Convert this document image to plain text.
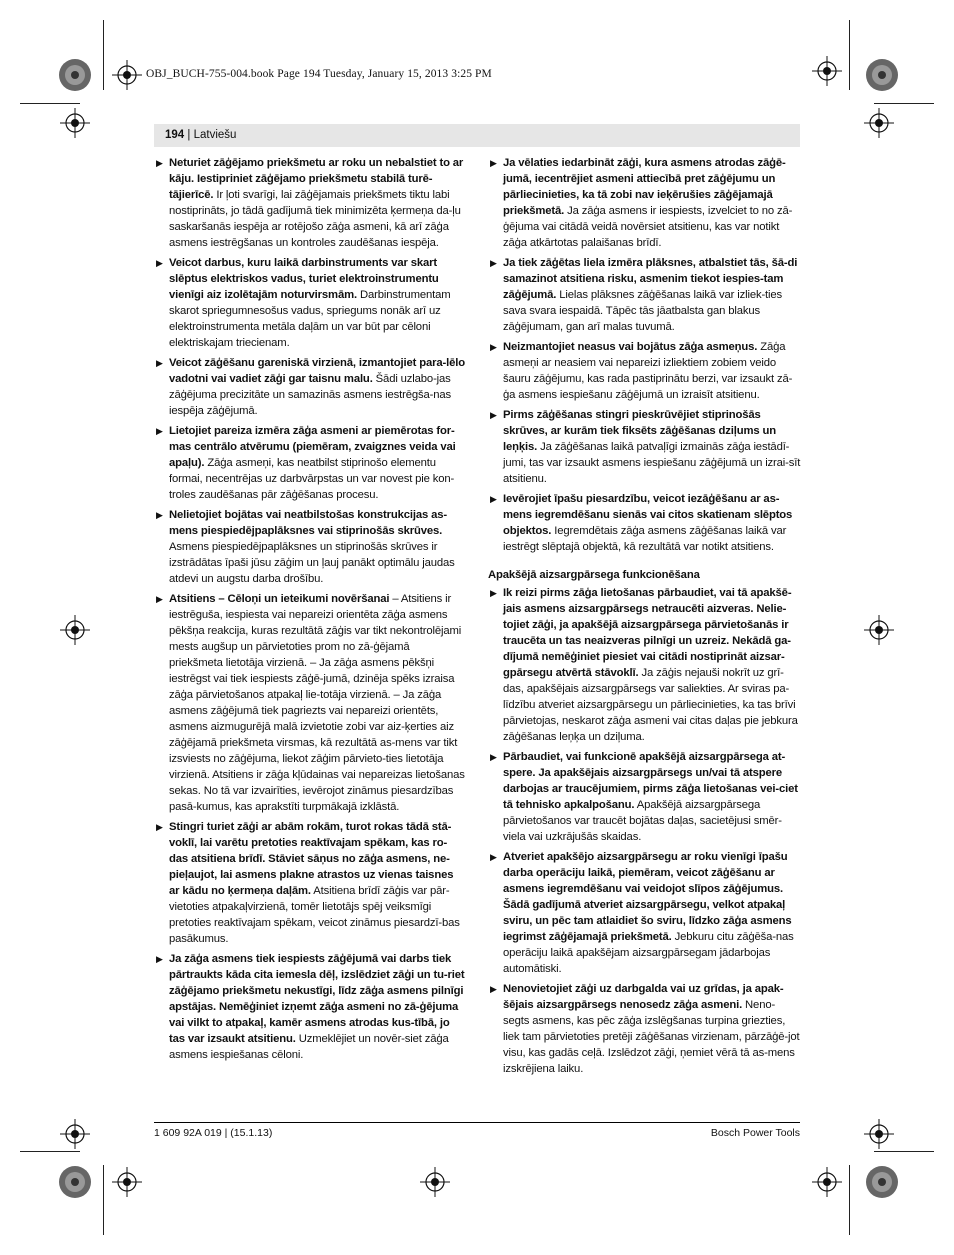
OBJ_BUCH-755-004.book Page 194 Tuesday, January 15, 2013 3:25 PM
194 | Latviešu
▶ Neturiet zāģējamo priekšmetu ar roku un nebalstiet to ar kāju. Iestipriniet zāģējamo priekšmetu stabilā turē-tājierīcē. Ir ļoti svarīgi, lai zāģējamais priekšmets tiktu labi nostiprināts, jo tādā gadījumā tiek minimizēta ķermeņa da-ļu saskaršanās iespēja ar rotējošo zāģa asmeni, kā arī zāģa asmens iestrēgšanas un kontroles zaudēšanas iespēja.
▶ Veicot darbus, kuru laikā darbinstruments var skart slēptus elektriskos vadus, turiet elektroinstrumentu vienīgi aiz izolētajām noturvirsmām. Darbinstrumentam skarot spriegumnesošus vadus, spriegums nonāk arī uz elektroinstrumenta metāla daļām un var būt par cēloni elektriskajam triecienam.
▶ Veicot zāģēšanu gareniskā virzienā, izmantojiet para-lēlo vadotni vai vadiet zāģi gar taisnu malu. Šādi uzlabo-jas zāģējuma precizitāte un samazinās asmens iestrēgša-nas iespēja zāģējumā.
▶ Lietojiet pareiza izmēra zāģa asmeni ar piemērotas for-mas centrālo atvērumu (piemēram, zvaigznes veida vai apaļu). Zāģa asmeņi, kas neatbilst stiprinošo elementu formai, necentrējas uz darbvārpstas un var novest pie kon-troles zaudēšanas pār zāģēšanas procesu.
▶ Nelietojiet bojātas vai neatbilstošas konstrukcijas as-mens piespiedējpaplāksnes vai stiprinošās skrūves. Asmens piespiedējpaplāksnes un stiprinošās skrūves ir izstrādātas īpaši jūsu zāģim un ļauj panākt optimālu jaudas atdevi un augstu darba drošību.
▶ Atsitiens – Cēloņi un ieteikumi novēršanai – Atsitiens ir iestrēguša, iespiesta vai nepareizi orientēta zāģa asmens pēkšņa reakcija, kuras rezultātā zāģis var tikt nekontrolējami mests augšup un pārvietoties prom no zā-ģējamā priekšmeta lietotāja virzienā. – Ja zāģa asmens pēkšņi iestrēgst vai tiek iespiests zāģē-jumā, dzinēja spēks izraisa zāģa pārvietošanos atpakaļ lie-totāja virzienā. – Ja zāģa asmens zāģējumā tiek pagriezts vai nepareizi orientēts, asmens aizmugurējā malā izvietotie zobi var aiz-ķerties aiz zāģējamā priekšmeta virsmas, kā rezultātā as-mens var tikt izsviests no zāģējuma, liekot zāģim pārvieto-ties lietotāja virzienā. Atsitiens ir zāģa kļūdainas vai nepareizas lietošanas sekas. No tā var izvairīties, ievērojot zināmus piesardzības pasā-kumus, kas aprakstīti turpmākajā izklāstā.
▶ Stingri turiet zāģi ar abām rokām, turot rokas tādā stā-voklī, lai varētu pretoties reaktīvajam spēkam, kas ro-das atsitiena brīdī. Stāviet sāņus no zāģa asmens, ne-pieļaujot, lai asmens plakne atrastos uz vienas taisnes ar kādu no ķermeņa daļām. Atsitiena brīdī zāģis var pār-vietoties atpakaļvirzienā, tomēr lietotājs spēj veiksmīgi pretoties reaktīvajam spēkam, veicot zināmus piesardzī-bas pasākumus.
▶ Ja zāģa asmens tiek iespiests zāģējumā vai darbs tiek pārtraukts kāda cita iemesla dēļ, izslēdziet zāģi un tu-riet zāģējamo priekšmetu nekustīgi, līdz zāģa asmens pilnīgi apstājas. Nemēģiniet izņemt zāģa asmeni no zā-ģējuma vai vilkt to atpakaļ, kamēr asmens atrodas kus-tībā, jo tas var izsaukt atsitienu. Uzmeklējiet un novēr-siet zāģa asmens iespiešanas cēloni.
▶ Ja vēlaties iedarbināt zāģi, kura asmens atrodas zāģē-jumā, iecentrējiet asmeni attiecībā pret zāģējumu un pārliecinieties, ka tā zobi nav ieķērušies zāģējamajā priekšmetā. Ja zāģa asmens ir iespiests, izvelciet to no zā-ģējuma vai citādā veidā novērsiet atsitienu, kas var notikt zāģa atkārtotas palaišanas brīdī.
▶ Ja tiek zāģētas liela izmēra plāksnes, atbalstiet tās, šā-di samazinot atsitiena risku, asmenim tiekot iespies-tam zāģējumā. Lielas plāksnes zāģēšanas laikā var izliek-ties sava svara iespaidā. Tāpēc tās jāatbalsta gan blakus zāģējumam, gan arī malas tuvumā.
▶ Neizmantojiet neasus vai bojātus zāģa asmeņus. Zāģa asmeņi ar neasiem vai nepareizi izliektiem zobiem veido šauru zāģējumu, kas rada pastiprinātu berzi, var izsaukt zā-ģa asmens iespiešanu zāģējumā un izraisīt atsitienu.
▶ Pirms zāģēšanas stingri pieskrūvējiet stiprinošās skrūves, ar kurām tiek fiksēts zāģēšanas dziļums un leņķis. Ja zāģēšanas laikā patvaļīgi izmainās zāģa iestādī-jumi, tas var izsaukt asmens iespiešanu zāģējumā un izrai-sīt atsitienu.
▶ Ievērojiet īpašu piesardzību, veicot iezāģēšanu ar as-mens iegremdēšanu sienās vai citos skatienam slēptos objektos. Iegremdētais zāģa asmens zāģēšanas laikā var iestrēgt slēptajā objektā, kā rezultātā var notikt atsitiens.
Apakšējā aizsargpārsega funkcionēšana
▶ Ik reizi pirms zāģa lietošanas pārbaudiet, vai tā apakšē-jais asmens aizsargpārsegs netraucēti aizveras. Nelie-tojiet zāģi, ja apakšējā aizsargpārsega pārvietošanās ir traucēta un tas neaizveras pilnīgi un uzreiz. Nekādā ga-dījumā nemēģiniet piesiet vai citādi nostiprināt aizsar-gpārsegu atvērtā stāvoklī. Ja zāģis nejauši nokrīt uz grī-das, apakšējais aizsargpārsegs var saliekties. Ar sviras pa-līdzību atveriet aizsargpārsegu un pārliecinieties, ka tas brīvi pārvietojas, neskarot zāģa asmeni vai citas daļas pie jebkura zāģēšanas leņķa un dziļuma.
▶ Pārbaudiet, vai funkcionē apakšējā aizsargpārsega at-spere. Ja apakšējais aizsargpārsegs un/vai tā atspere darbojas ar traucējumiem, pirms zāģa lietošanas vei-ciet tā tehnisko apkalpošanu. Apakšējā aizsargpārsega pārvietošanos var traucēt bojātas daļas, sacietējusi smēr-viela vai uzkrājušās skaidas.
▶ Atveriet apakšējo aizsargpārsegu ar roku vienīgi īpašu darba operāciju laikā, piemēram, veicot zāģēšanu ar asmens iegremdēšanu vai veidojot slīpos zāģējumus. Šādā gadījumā atveriet aizsargpārsegu, velkot atpakaļ sviru, un pēc tam atlaidiet šo sviru, līdzko zāģa asmens iegrimst zāģējamajā priekšmetā. Jebkuru citu zāģēša-nas operāciju laikā apakšējam aizsargpārsegam jādarbojas automātiski.
▶ Nenovietojiet zāģi uz darbgalda vai uz grīdas, ja apak-šējais aizsargpārsegs nenosedz zāģa asmeni. Neno-segts asmens, kas pēc zāģa izslēgšanas turpina griezties, liek tam pārvietoties pretēji zāģēšanas virzienam, pārzāģē-jot visu, kas gadās ceļā. Izslēdzot zāģi, ņemiet vērā tā as-mens izskrējiena laiku.
1 609 92A 019 | (15.1.13)	Bosch Power Tools
